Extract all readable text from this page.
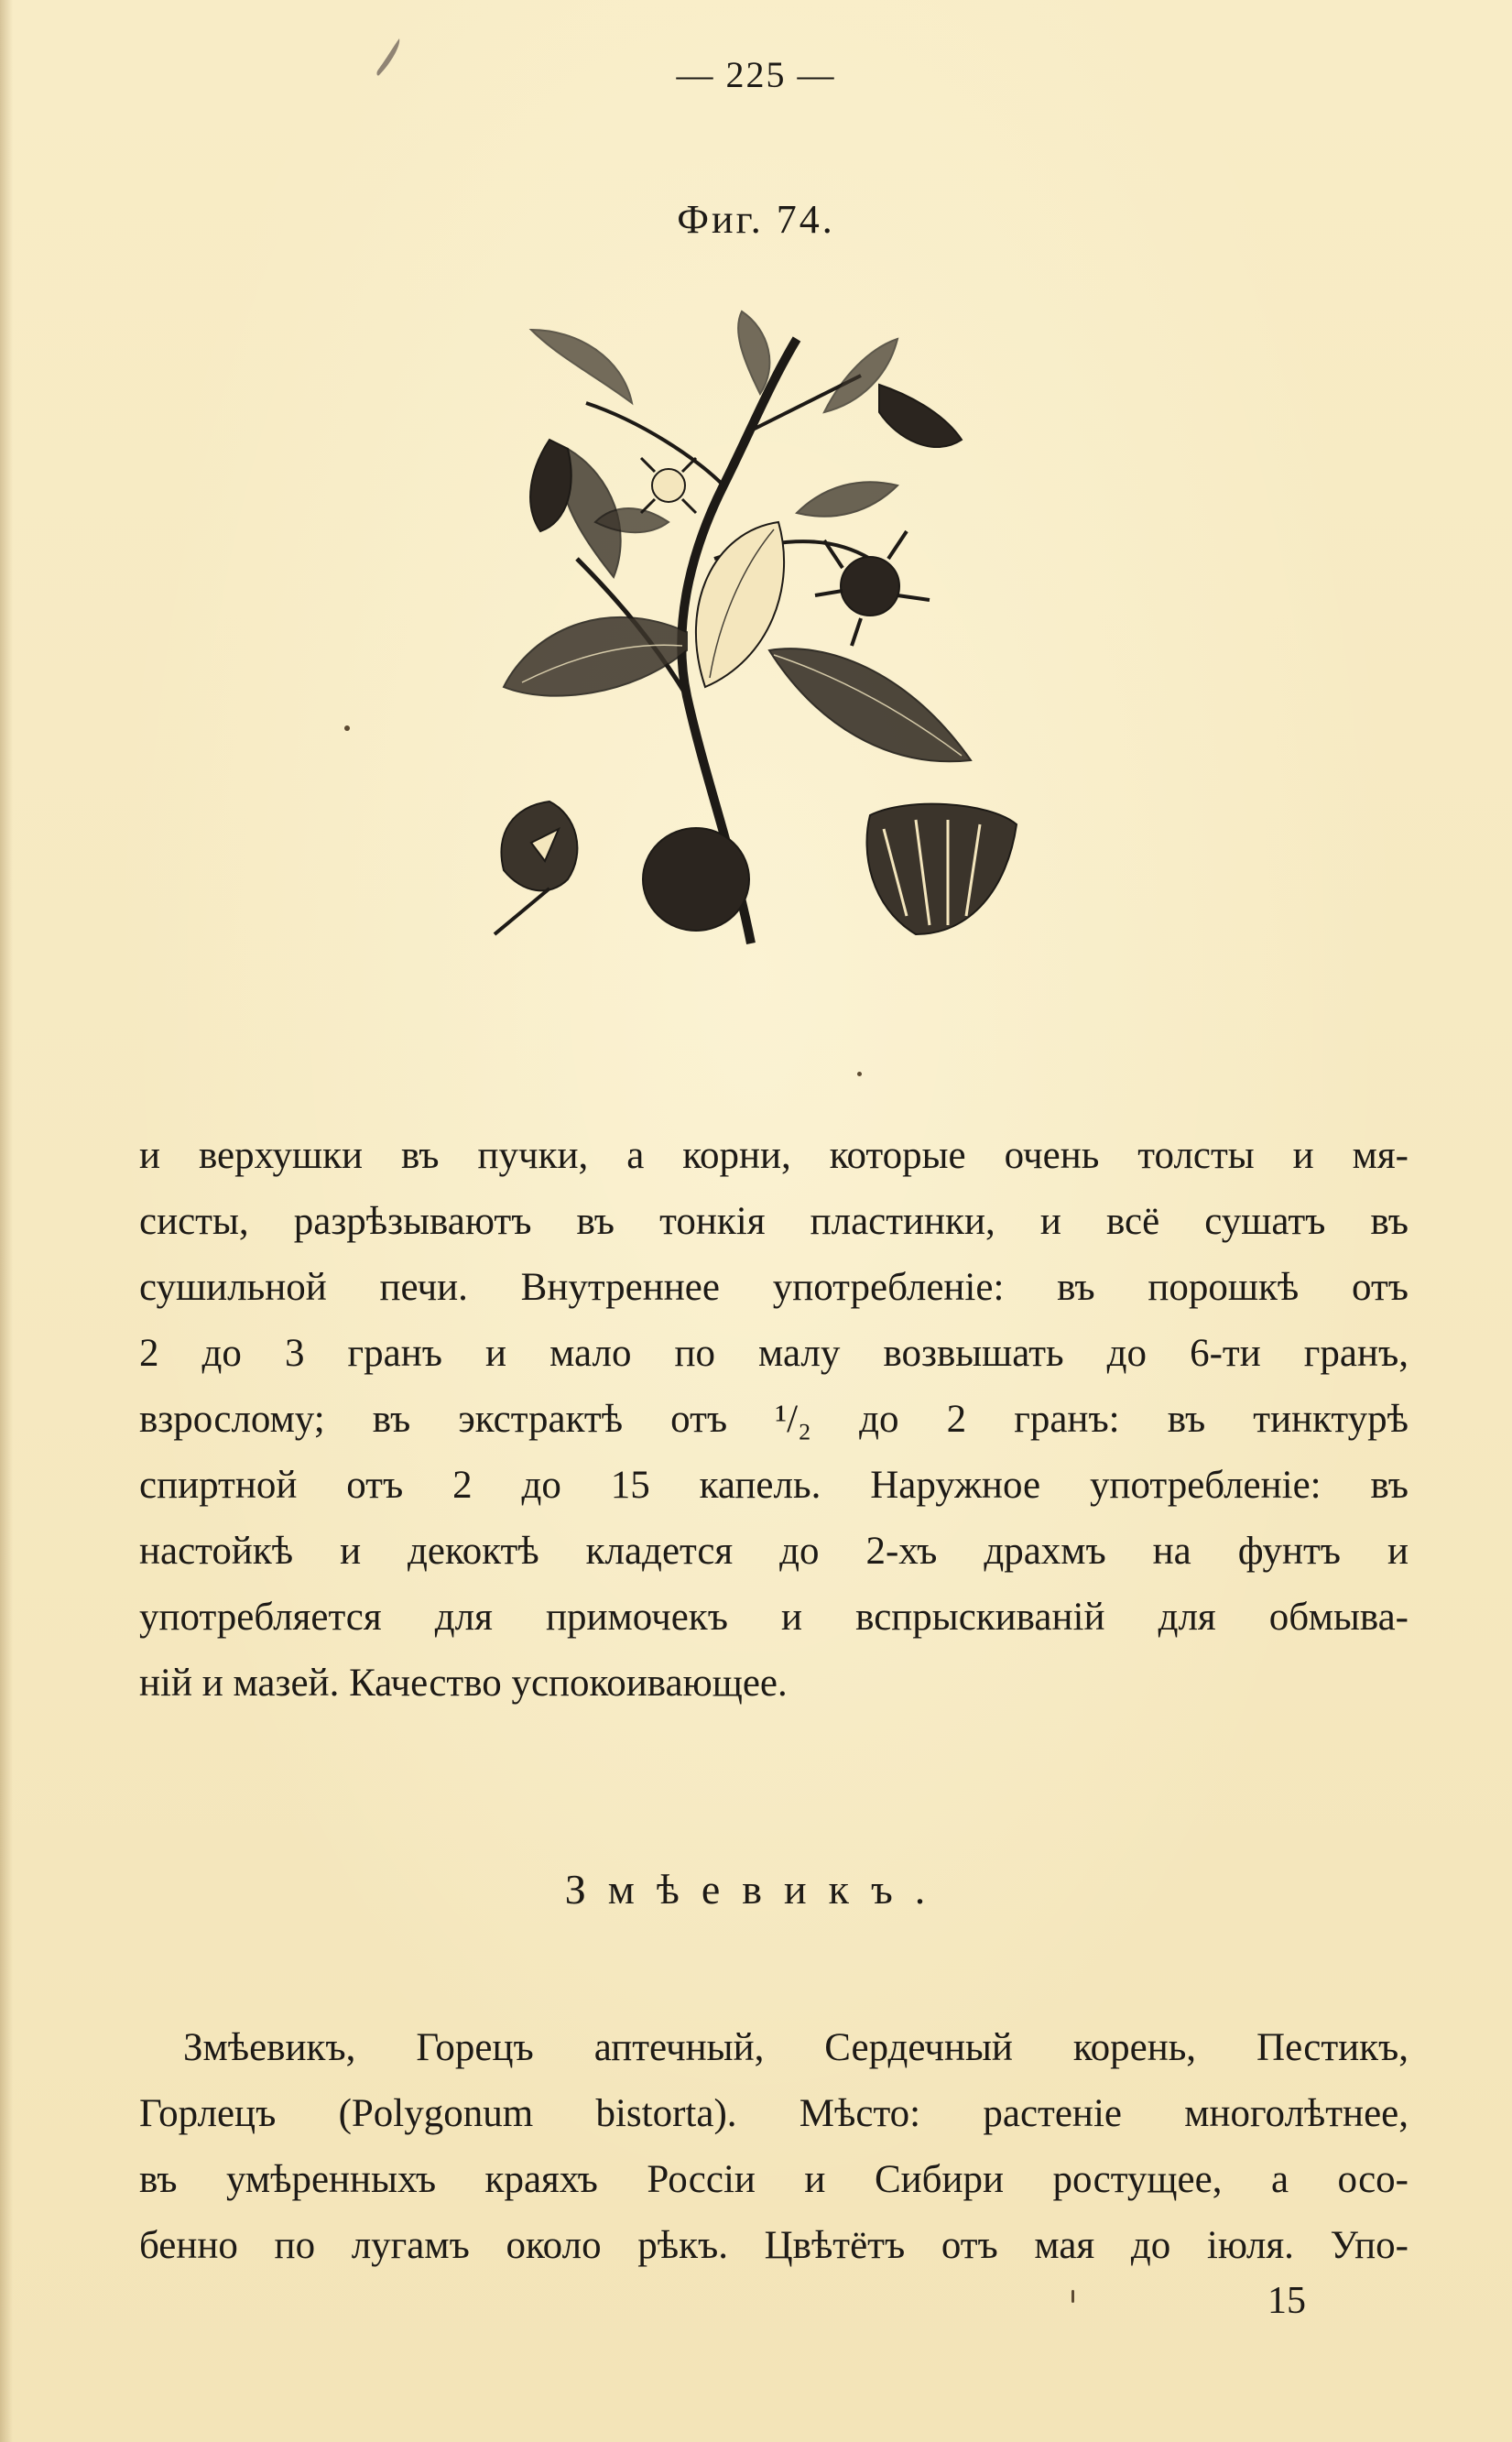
— 225 —
Фиг. 74.
и верхушки въ пучки, а корни, которые очень толсты и мя-
систы, разрѣзываютъ въ тонкія пластинки, и всё сушатъ въ
сушильной печи. Внутреннее употребленіе: въ порошкѣ отъ
2 до 3 гранъ и мало по малу возвышать до 6-ти гранъ,
взрослому; въ экстрактѣ отъ ¹/₂ до 2 гранъ: въ тинктурѣ
спиртной отъ 2 до 15 капель. Наружное употребленіе: въ
настойкѣ и декоктѣ кладется до 2-хъ драхмъ на фунтъ и
употребляется для примочекъ и вспрыскиваній для обмыва-
ній и мазей. Качество успокоивающее.
Змѣевикъ.
Змѣевикъ, Горецъ аптечный, Сердечный корень, Пестикъ,
Горлецъ (Polygonum bistorta). Мѣсто: растеніе многолѣтнее,
въ умѣренныхъ краяхъ Россіи и Сибири ростущее, а осо-
бенно по лугамъ около рѣкъ. Цвѣтётъ отъ мая до іюля. Упо-
15
